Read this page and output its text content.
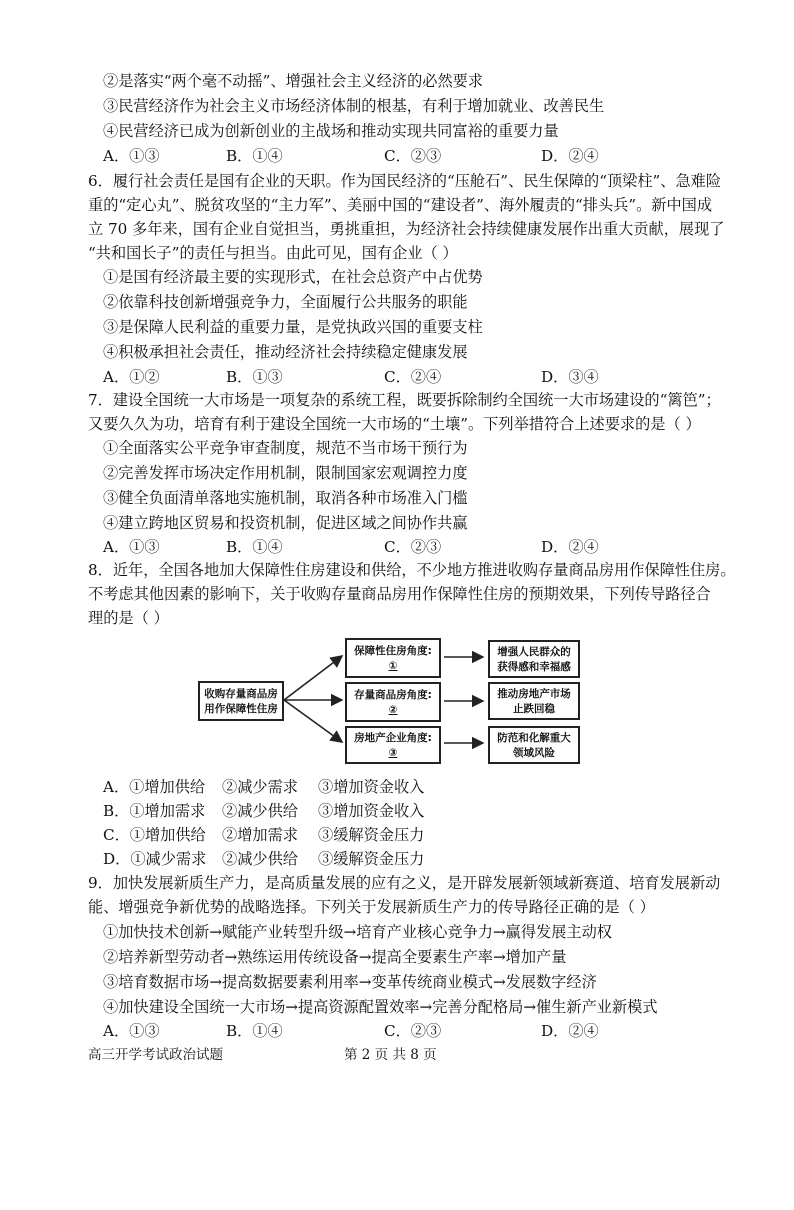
②是落实“两个毫不动摇”、增强社会主义经济的必然要求
③民营经济作为社会主义市场经济体制的根基，有利于增加就业、改善民生
④民营经济已成为创新创业的主战场和推动实现共同富裕的重要力量
A．①③	B．①④	C．②③	D．②④
6．履行社会责任是国有企业的天职。作为国民经济的“压舱石”、民生保障的“顶梁柱”、急难险
重的“定心丸”、脱贫攻坚的“主力军”、美丽中国的“建设者”、海外履责的“排头兵”。新中国成
立 70 多年来，国有企业自觉担当，勇挑重担，为经济社会持续健康发展作出重大贡献，展现了
“共和国长子”的责任与担当。由此可见，国有企业（ ）
①是国有经济最主要的实现形式，在社会总资产中占优势
②依靠科技创新增强竞争力，全面履行公共服务的职能
③是保障人民利益的重要力量，是党执政兴国的重要支柱
④积极承担社会责任，推动经济社会持续稳定健康发展
A．①②	B．①③	C．②④	D．③④
7．建设全国统一大市场是一项复杂的系统工程，既要拆除制约全国统一大市场建设的“篱笆”；
又要久久为功，培育有利于建设全国统一大市场的“土壤”。下列举措符合上述要求的是（ ）
①全面落实公平竞争审查制度，规范不当市场干预行为
②完善发挥市场决定作用机制，限制国家宏观调控力度
③健全负面清单落地实施机制，取消各种市场准入门槛
④建立跨地区贸易和投资机制，促进区域之间协作共赢
A．①③	B．①④	C．②③	D．②④
8．近年，全国各地加大保障性住房建设和供给，不少地方推进收购存量商品房用作保障性住房。
不考虑其他因素的影响下，关于收购存量商品房用作保障性住房的预期效果，下列传导路径合
理的是（ ）
收购存量商品房
用作保障性住房
保障性住房角度:
①
存量商品房角度:
②
房地产企业角度:
③
增强人民群众的
获得感和幸福感
推动房地产市场
止跌回稳
防范和化解重大
领域风险
A．①增加供给 ②减少需求 ③增加资金收入
B．①增加需求 ②减少供给 ③增加资金收入
C．①增加供给 ②增加需求 ③缓解资金压力
D．①减少需求 ②减少供给 ③缓解资金压力
9．加快发展新质生产力，是高质量发展的应有之义，是开辟发展新领域新赛道、培育发展新动
能、增强竞争新优势的战略选择。下列关于发展新质生产力的传导路径正确的是（ ）
①加快技术创新→赋能产业转型升级→培育产业核心竞争力→赢得发展主动权
②培养新型劳动者→熟练运用传统设备→提高全要素生产率→增加产量
③培育数据市场→提高数据要素利用率→变革传统商业模式→发展数字经济
④加快建设全国统一大市场→提高资源配置效率→完善分配格局→催生新产业新模式
A．①③	B．①④	C．②③	D．②④
高三开学考试政治试题	第 2 页 共 8 页
